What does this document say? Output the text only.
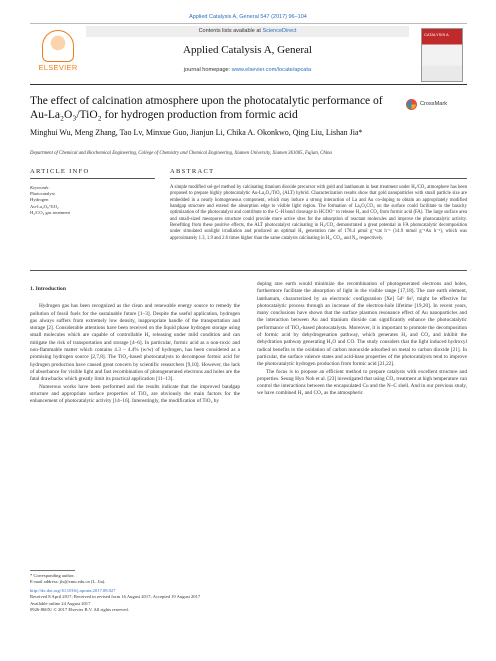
Applied Catalysis A, General 547 (2017) 96–104
ELSEVIER
Contents lists available at ScienceDirect
Applied Catalysis A, General
journal homepage: www.elsevier.com/locate/apcata
CATALYSIS A
The effect of calcination atmosphere upon the photocatalytic performance of Au-La₂O₃/TiO₂ for hydrogen production from formic acid
CrossMark
Minghui Wu, Meng Zhang, Tao Lv, Minxue Guo, Jianjun Li, Chika A. Okonkwo, Qing Liu, Lishan Jia*
Department of Chemical and Biochemical Engineering, College of Chemistry and Chemical Engineering, Xiamen University, Xiamen 361005, Fujian, China
ARTICLE INFO	ABSTRACT
Keywords:
Photocatalyst
Hydrogen
Au-La₂O₃/TiO₂
H₂/CO₂ gas treatment
A simple modified sol-gel method by calcinating titanium dioxide precursor with gold and lanthanum in heat treatment under H₂/CO₂ atmosphere has been proposed to prepare highly photocatalytic Au-La₂O₃/TiO₂ (ALT) hybrid. Characterization results show that gold nanoparticles with small particle size are embedded in a nearly homogeneous component, which may induce a strong interaction of La and Au co-doping to obtain an appropriately modified bandgap structure and extend the absorption edge to visible light region. The formation of La₂O₂CO₃ on the surface could facilitate to the basicity optimization of the photocatalyst and contribute to the C–H bond cleavage in HCOO⁻ to release H₂ and CO₂ from formic acid (FA). The large surface area and small-sized mesopores structure could provide more active sites for the adsorption of reactant molecules and improve the photocatalytic activity. Benefiting from these positive effects, the ALT photocatalyst calcinating in H₂/CO₂ demonstrated a great potential in FA photocatalytic decomposition under simulated sunlight irradiation and produced an optimal H₂ generation rate of 178.4 μmol g⁻¹cat h⁻¹ (14.9 mmol g⁻¹Au h⁻¹), which was approximately 1.3, 1.9 and 2.6 times higher than the same catalysts calcinating in H₂, CO₂, and N₂, respectively.

1. Introduction

Hydrogen gas has been recognized as the clean and renewable energy source to remedy the pollution of fossil fuels for the sustainable future [1–3]. Despite the useful application, hydrogen gas always suffers from extremely low density, inappropriate handle of the transportation and storage [2]. Considerable attentions have been received on the liquid phase hydrogen storage using small molecules which are capable of controllable H₂ releasing under mild condition and can mitigate the risk of transportation and storage [4–6]. In particular, formic acid as a non-toxic and non-flammable matter which contains 4.3 – 4.4% (w/w) of hydrogen, has been considered as a promising hydrogen source [2,7,8]. The TiO₂-based photocatalysts to decompose formic acid for hydrogen production have caused great concern by scientific researchers [9,10]. However, the lack of absorbance for visible light and fast recombination of photogenerated electrons and holes are the fatal drawbacks which greatly limit its practical application [11–13].

Numerous works have been performed and the results indicate that the improved bandgap structure and appropriate surface properties of TiO₂ are obviously the main factors for the enhancement of photocatalytic activity [14–16]. Interestingly, the modification of TiO₂ by

doping rare earth would minimize the recombination of photogenerated electrons and holes, furthermore facilitate the absorption of light in the visible range [17,18]. The rare earth element, lanthanum, characterized by an electronic configuration [Xe] 5d¹ 6s², might be effective for photocatalytic process through an increase of the electron-hole lifetime [19,20]. In recent years, many conclusions have shown that the surface plasmon resonance effect of Au nanoparticles and the interaction between Au and titanium dioxide can significantly enhance the photocatalytic performance of TiO₂-based photocatalysts. Moreover, it is important to promote the decomposition of formic acid by dehydrogenation pathway, which generates H₂ and CO₂ and inhibit the dehydration pathway generating H₂O and CO. The study considers that the light induced hydroxyl radical benefits to the oxidation of carbon monoxide adsorbed on metal to carbon dioxide [21]. In particular, the surface valence states and acid-base properties of the photocatalysts tend to improve the photocatalytic hydrogen production from formic acid [21,22].

The focus is to propose an efficient method to prepare catalysts with excellent structure and properties. Seung Hyo Noh et al. [23] investigated that using CO₂ treatment at high temperature can control the interactions between the encapsulated Cu and the N–C shell. And in our previous study, we have combined H₂ and CO₂ as the atmospheric

* Corresponding author.
E-mail address: jls@xmu.edu.cn (L. Jia).
http://dx.doi.org/10.1016/j.apcata.2017.08.027
Received 8 April 2017; Received in revised form 16 August 2017; Accepted 19 August 2017
Available online 24 August 2017
0926-860X/ © 2017 Elsevier B.V. All rights reserved.
